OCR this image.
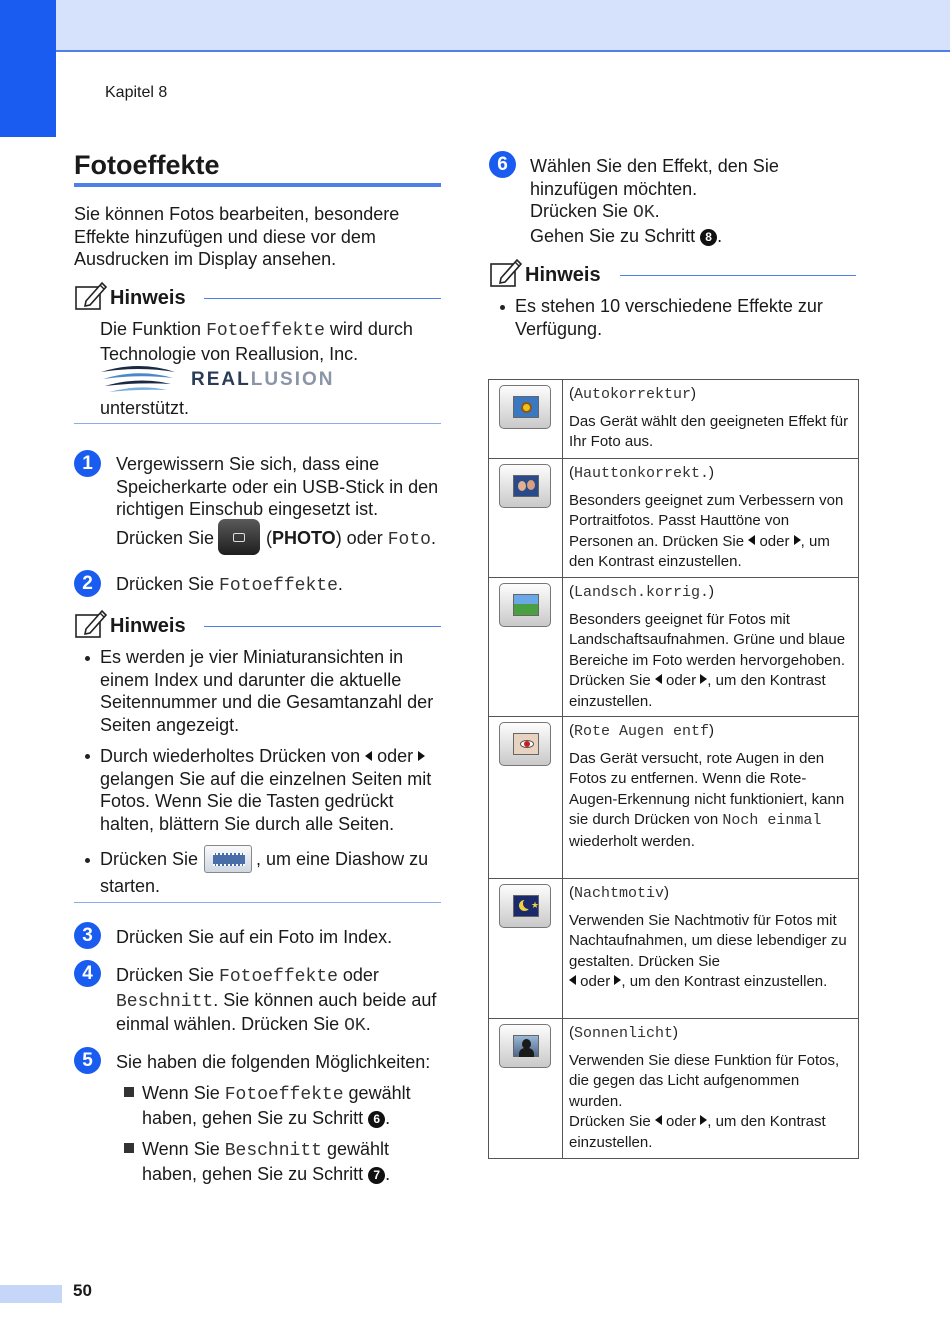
Kapitel 8
50
Fotoeffekte
Sie können Fotos bearbeiten, besondere Effekte hinzufügen und diese vor dem Ausdrucken im Display ansehen.
Hinweis
Die Funktion Fotoeffekte wird durch Technologie von Reallusion, Inc.
REALLUSION
unterstützt.
1	Vergewissern Sie sich, dass eine Speicherkarte oder ein USB-Stick in den richtigen Einschub eingesetzt ist.
Drücken Sie	(PHOTO) oder Foto.
2	Drücken Sie Fotoeffekte.
Hinweis
Es werden je vier Miniaturansichten in einem Index und darunter die aktuelle Seitennummer und die Gesamtanzahl der Seiten angezeigt.
Durch wiederholtes Drücken von  oder
gelangen Sie auf die einzelnen Seiten mit Fotos. Wenn Sie die Tasten gedrückt halten, blättern Sie durch alle Seiten.
Drücken Sie	, um eine Diashow zu
starten.
3	Drücken Sie auf ein Foto im Index.
4	Drücken Sie Fotoeffekte oder
Beschnitt. Sie können auch beide auf
einmal wählen. Drücken Sie OK.
5	Sie haben die folgenden Möglichkeiten:
Wenn Sie Fotoeffekte gewählt
haben, gehen Sie zu Schritt 6 .
Wenn Sie Beschnitt gewählt
haben, gehen Sie zu Schritt 7 .
6	Wählen Sie den Effekt, den Sie
hinzufügen möchten.
Drücken Sie OK.
Gehen Sie zu Schritt 8 .
Hinweis
Es stehen 10 verschiedene Effekte zur Verfügung.

	(Autokorrektur)
Das Gerät wählt den geeigneten Effekt für Ihr Foto aus.

	(Hauttonkorrekt.)
Besonders geeignet zum Verbessern von Portraitfotos. Passt Hauttöne von Personen an. Drücken Sie  oder , um den Kontrast einzustellen.

	(Landsch.korrig.)
Besonders geeignet für Fotos mit Landschaftsaufnahmen. Grüne und blaue Bereiche im Foto werden hervorgehoben. Drücken Sie  oder , um den Kontrast einzustellen.

	(Rote Augen entf)
Das Gerät versucht, rote Augen in den Fotos zu entfernen. Wenn die Rote-Augen-Erkennung nicht funktioniert, kann sie durch Drücken von Noch einmal wiederholt werden.

★	(Nachtmotiv)
Verwenden Sie Nachtmotiv für Fotos mit Nachtaufnahmen, um diese lebendiger zu gestalten. Drücken Sie
oder , um den Kontrast einzustellen.

	(Sonnenlicht)
Verwenden Sie diese Funktion für Fotos, die gegen das Licht aufgenommen wurden.
Drücken Sie  oder , um den Kontrast einzustellen.
